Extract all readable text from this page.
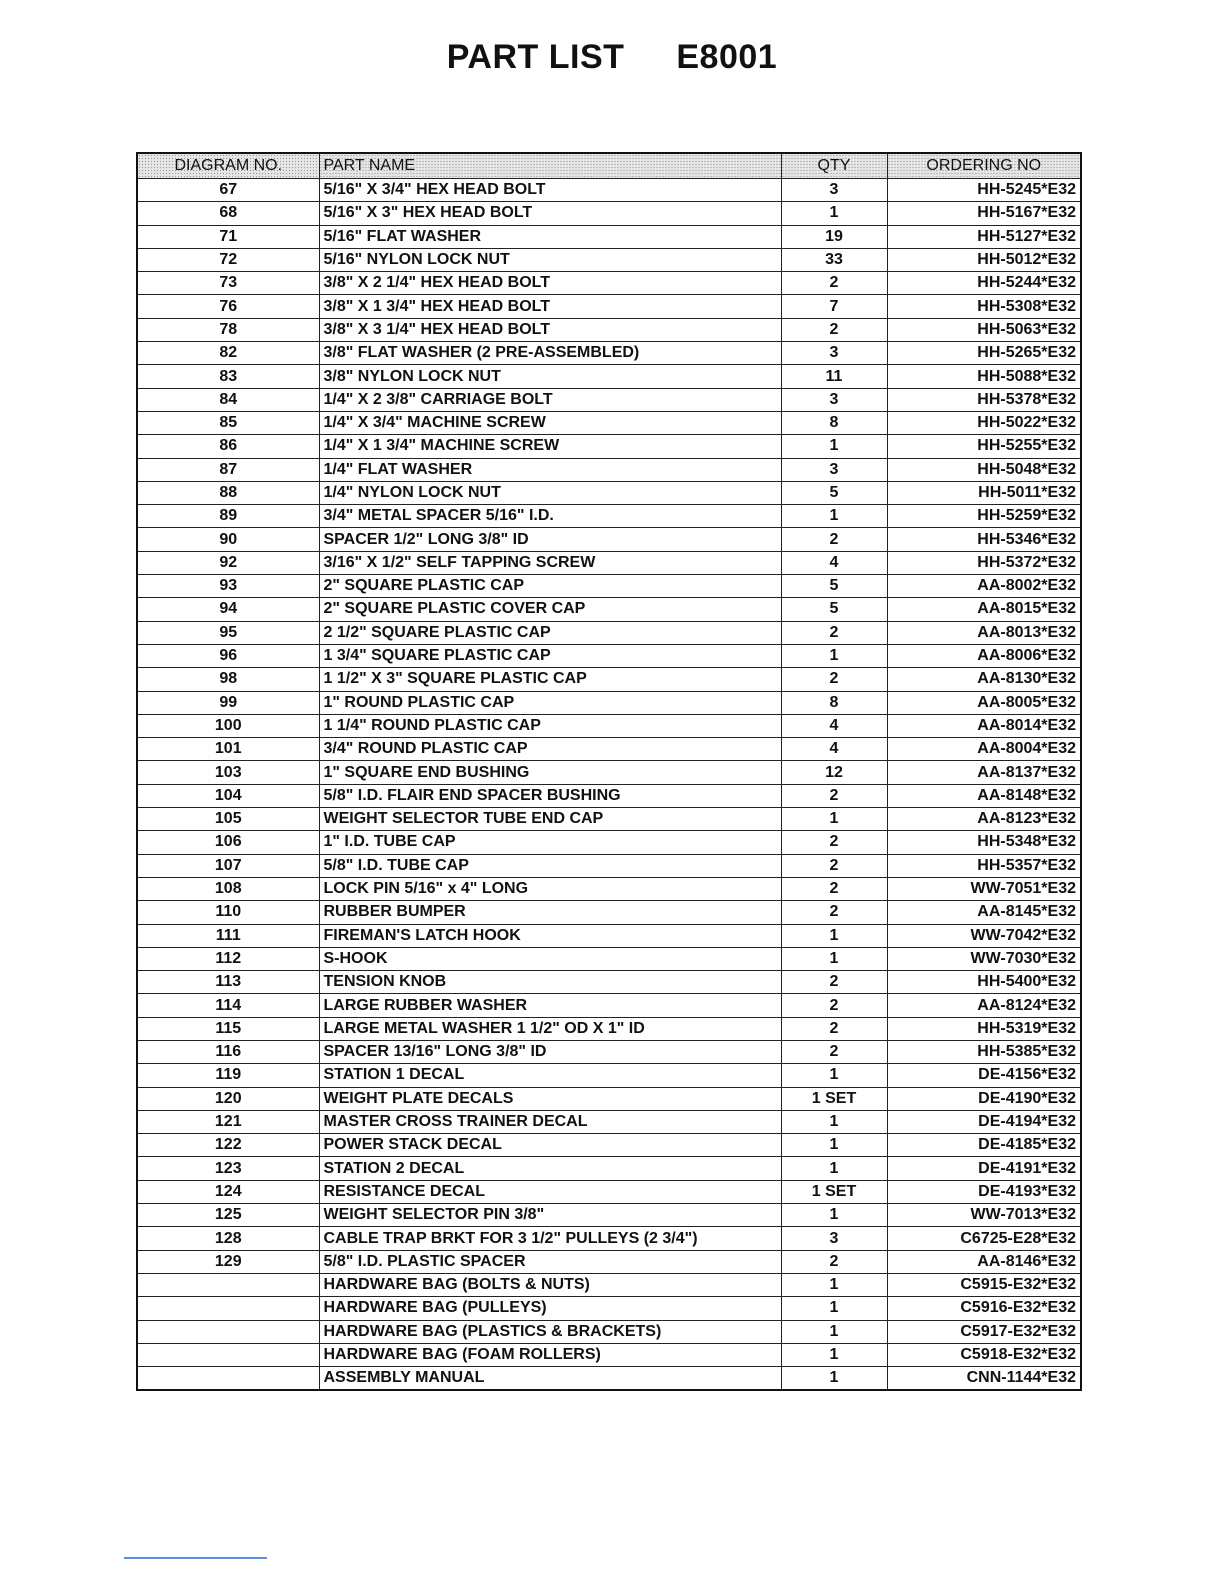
PART LIST E8001
DIAGRAM NO.	PART NAME	QTY	ORDERING NO
67	5/16" X 3/4" HEX HEAD BOLT	3	HH-5245*E32
68	5/16" X 3" HEX HEAD BOLT	1	HH-5167*E32
71	5/16" FLAT WASHER	19	HH-5127*E32
72	5/16" NYLON LOCK NUT	33	HH-5012*E32
73	3/8" X 2 1/4" HEX HEAD BOLT	2	HH-5244*E32
76	3/8" X 1 3/4" HEX HEAD BOLT	7	HH-5308*E32
78	3/8" X 3 1/4" HEX HEAD BOLT	2	HH-5063*E32
82	3/8" FLAT WASHER (2 PRE-ASSEMBLED)	3	HH-5265*E32
83	3/8" NYLON LOCK NUT	11	HH-5088*E32
84	1/4" X 2 3/8" CARRIAGE BOLT	3	HH-5378*E32
85	1/4" X 3/4" MACHINE SCREW	8	HH-5022*E32
86	1/4" X 1 3/4" MACHINE SCREW	1	HH-5255*E32
87	1/4" FLAT WASHER	3	HH-5048*E32
88	1/4" NYLON LOCK NUT	5	HH-5011*E32
89	3/4" METAL SPACER 5/16" I.D.	1	HH-5259*E32
90	SPACER 1/2" LONG 3/8" ID	2	HH-5346*E32
92	3/16" X 1/2" SELF TAPPING SCREW	4	HH-5372*E32
93	2" SQUARE PLASTIC CAP	5	AA-8002*E32
94	2" SQUARE PLASTIC COVER CAP	5	AA-8015*E32
95	2 1/2" SQUARE PLASTIC CAP	2	AA-8013*E32
96	1 3/4" SQUARE PLASTIC CAP	1	AA-8006*E32
98	1 1/2" X 3" SQUARE PLASTIC CAP	2	AA-8130*E32
99	1" ROUND PLASTIC CAP	8	AA-8005*E32
100	1 1/4" ROUND PLASTIC CAP	4	AA-8014*E32
101	3/4" ROUND PLASTIC CAP	4	AA-8004*E32
103	1" SQUARE END BUSHING	12	AA-8137*E32
104	5/8" I.D. FLAIR END SPACER BUSHING	2	AA-8148*E32
105	WEIGHT SELECTOR TUBE END CAP	1	AA-8123*E32
106	1" I.D. TUBE CAP	2	HH-5348*E32
107	5/8" I.D. TUBE CAP	2	HH-5357*E32
108	LOCK PIN 5/16" x 4" LONG	2	WW-7051*E32
110	RUBBER BUMPER	2	AA-8145*E32
111	FIREMAN'S LATCH HOOK	1	WW-7042*E32
112	S-HOOK	1	WW-7030*E32
113	TENSION KNOB	2	HH-5400*E32
114	LARGE RUBBER WASHER	2	AA-8124*E32
115	LARGE METAL WASHER 1 1/2" OD X 1" ID	2	HH-5319*E32
116	SPACER 13/16" LONG 3/8" ID	2	HH-5385*E32
119	STATION 1 DECAL	1	DE-4156*E32
120	WEIGHT PLATE DECALS	1 SET	DE-4190*E32
121	MASTER CROSS TRAINER DECAL	1	DE-4194*E32
122	POWER STACK DECAL	1	DE-4185*E32
123	STATION 2 DECAL	1	DE-4191*E32
124	RESISTANCE DECAL	1 SET	DE-4193*E32
125	WEIGHT SELECTOR PIN 3/8"	1	WW-7013*E32
128	CABLE TRAP BRKT FOR 3 1/2" PULLEYS (2 3/4")	3	C6725-E28*E32
129	5/8" I.D. PLASTIC SPACER	2	AA-8146*E32
	HARDWARE BAG (BOLTS & NUTS)	1	C5915-E32*E32
	HARDWARE BAG (PULLEYS)	1	C5916-E32*E32
	HARDWARE BAG (PLASTICS & BRACKETS)	1	C5917-E32*E32
	HARDWARE BAG (FOAM ROLLERS)	1	C5918-E32*E32
	ASSEMBLY MANUAL	1	CNN-1144*E32
